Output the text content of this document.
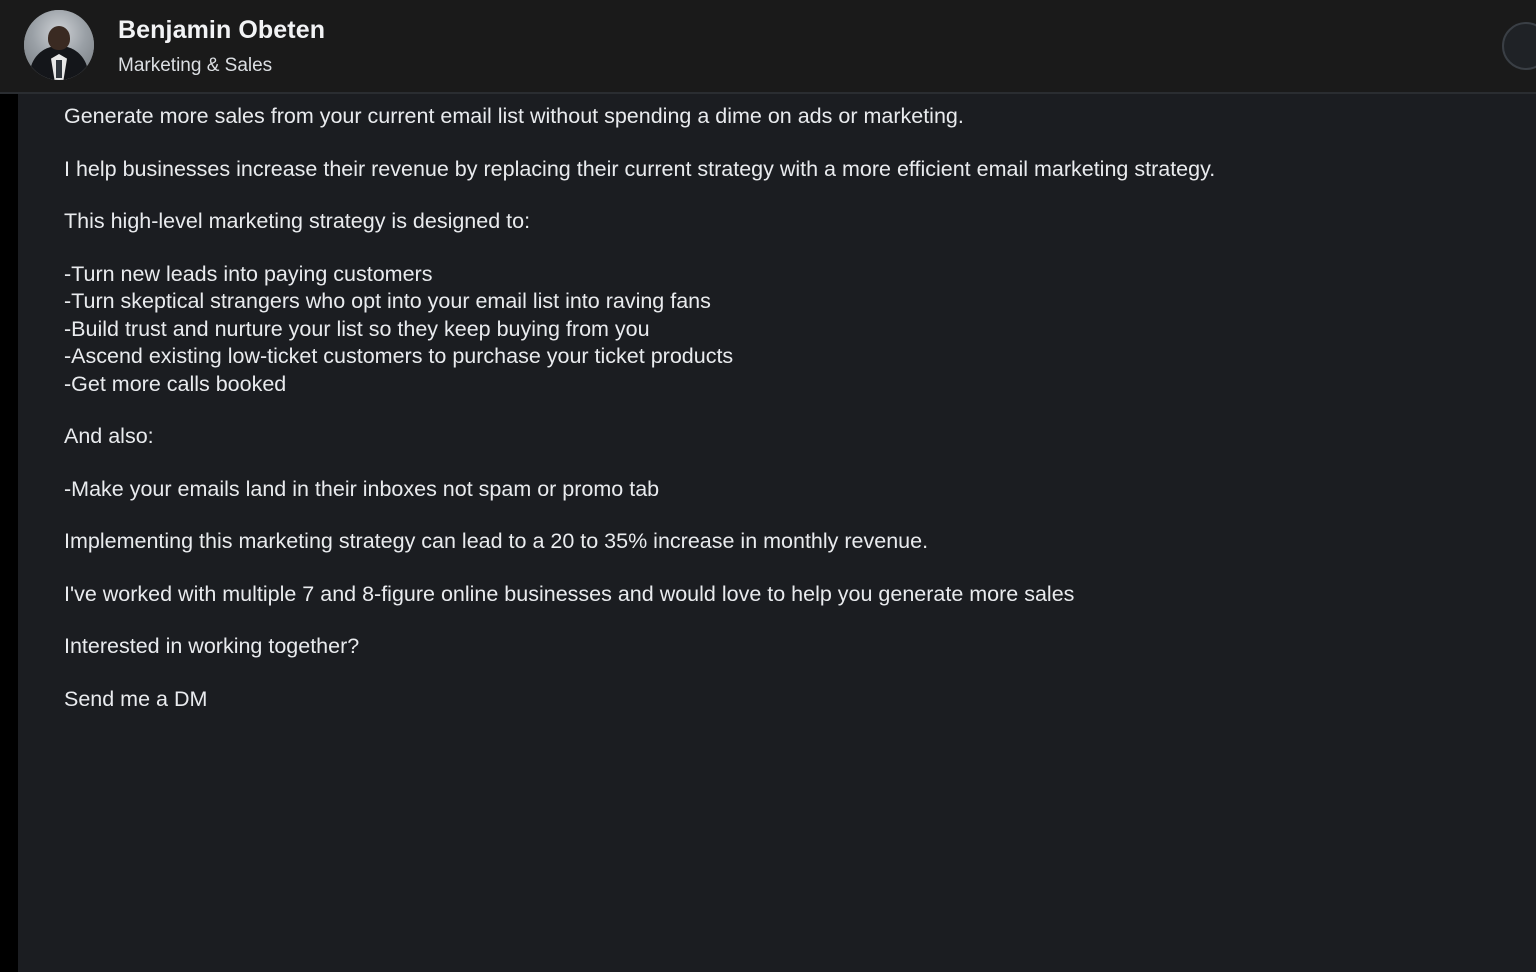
Benjamin Obeten
Marketing & Sales

Generate more sales from your current email list without spending a dime on ads or marketing.

I help businesses increase their revenue by replacing their current strategy with a more efficient email marketing strategy.

This high-level marketing strategy is designed to:

-Turn new leads into paying customers

-Turn skeptical strangers who opt into your email list into raving fans

-Build trust and nurture your list so they keep buying from you

-Ascend existing low-ticket customers to purchase your ticket products

-Get more calls booked

And also:

-Make your emails land in their inboxes not spam or promo tab

Implementing this marketing strategy can lead to a 20 to 35% increase in monthly revenue.

I've worked with multiple 7 and 8-figure online businesses and would love to help you generate more sales

Interested in working together?

Send me a DM
